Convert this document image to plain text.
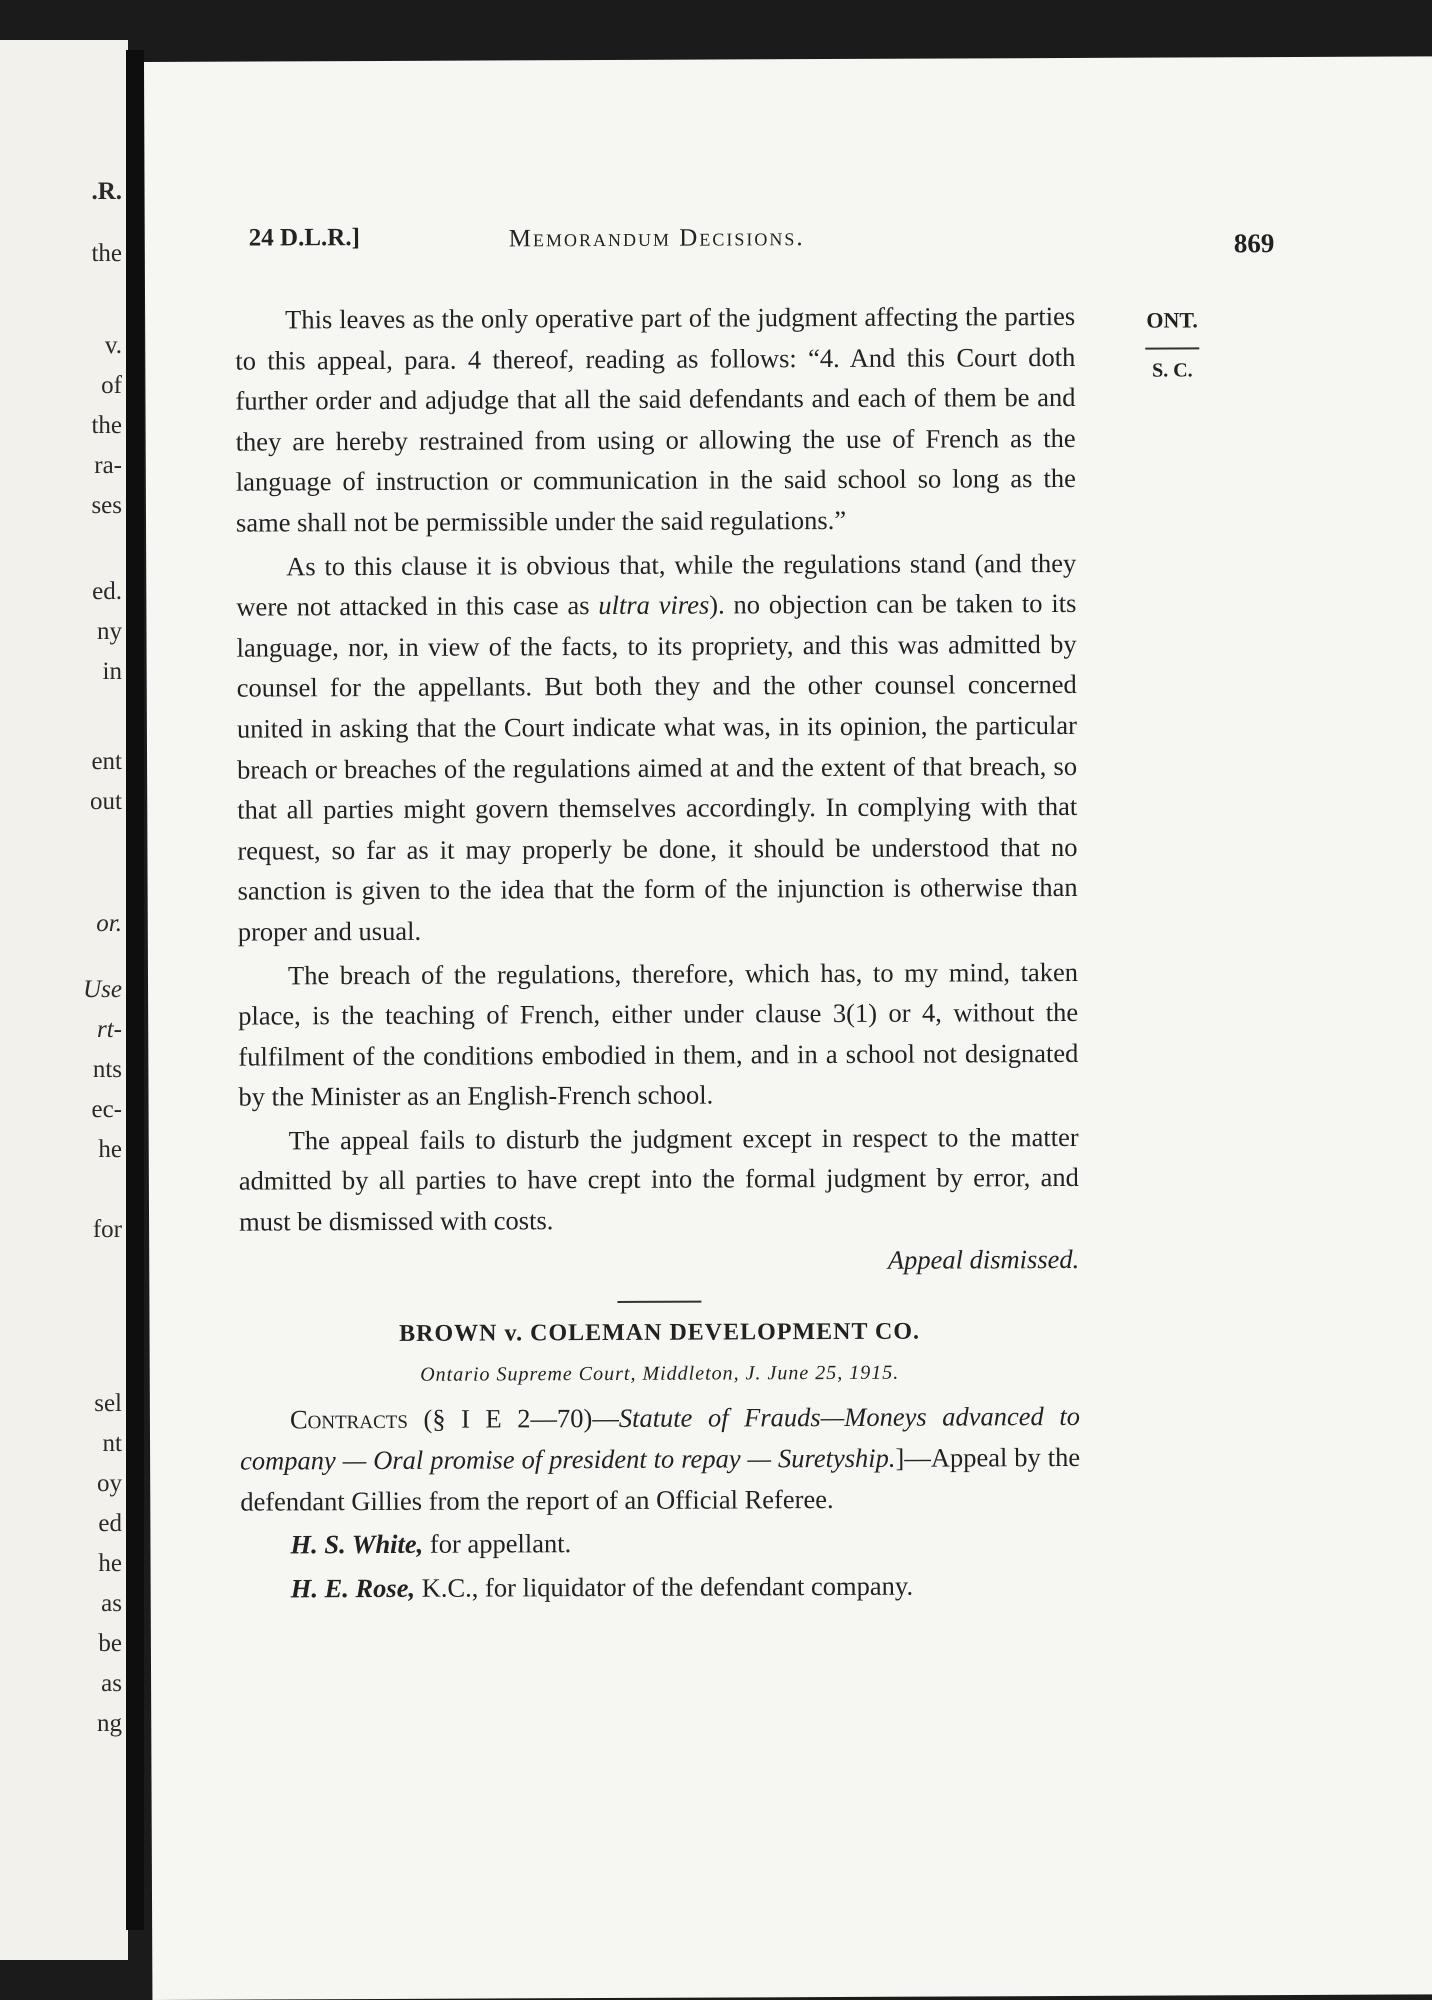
.R.
the
v.
of
the
ra-
ses
ed.
ny
in
ent
out
or.
Use
rt-
nts
ec-
he
for
sel
nt
oy
ed
he
as
be
as
ng
24 D.L.R.]	Memorandum Decisions.	869
ONT.
S. C.

This leaves as the only operative part of the judgment affecting the parties to this appeal, para. 4 thereof, reading as follows: “4. And this Court doth further order and adjudge that all the said defendants and each of them be and they are hereby restrained from using or allowing the use of French as the language of instruction or communication in the said school so long as the same shall not be permissible under the said regulations.”

As to this clause it is obvious that, while the regulations stand (and they were not attacked in this case as ultra vires). no objection can be taken to its language, nor, in view of the facts, to its propriety, and this was admitted by counsel for the appellants. But both they and the other counsel concerned united in asking that the Court indicate what was, in its opinion, the particular breach or breaches of the regulations aimed at and the extent of that breach, so that all parties might govern themselves accordingly. In complying with that request, so far as it may properly be done, it should be understood that no sanction is given to the idea that the form of the injunction is otherwise than proper and usual.

The breach of the regulations, therefore, which has, to my mind, taken place, is the teaching of French, either under clause 3(1) or 4, without the fulfilment of the conditions embodied in them, and in a school not designated by the Minister as an English-French school.

The appeal fails to disturb the judgment except in respect to the matter admitted by all parties to have crept into the formal judgment by error, and must be dismissed with costs.

Appeal dismissed.

BROWN v. COLEMAN DEVELOPMENT CO.

Ontario Supreme Court, Middleton, J. June 25, 1915.

Contracts (§ I E 2—70)—Statute of Frauds—Moneys advanced to company — Oral promise of president to repay — Suretyship.]—Appeal by the defendant Gillies from the report of an Official Referee.

H. S. White, for appellant.

H. E. Rose, K.C., for liquidator of the defendant company.
